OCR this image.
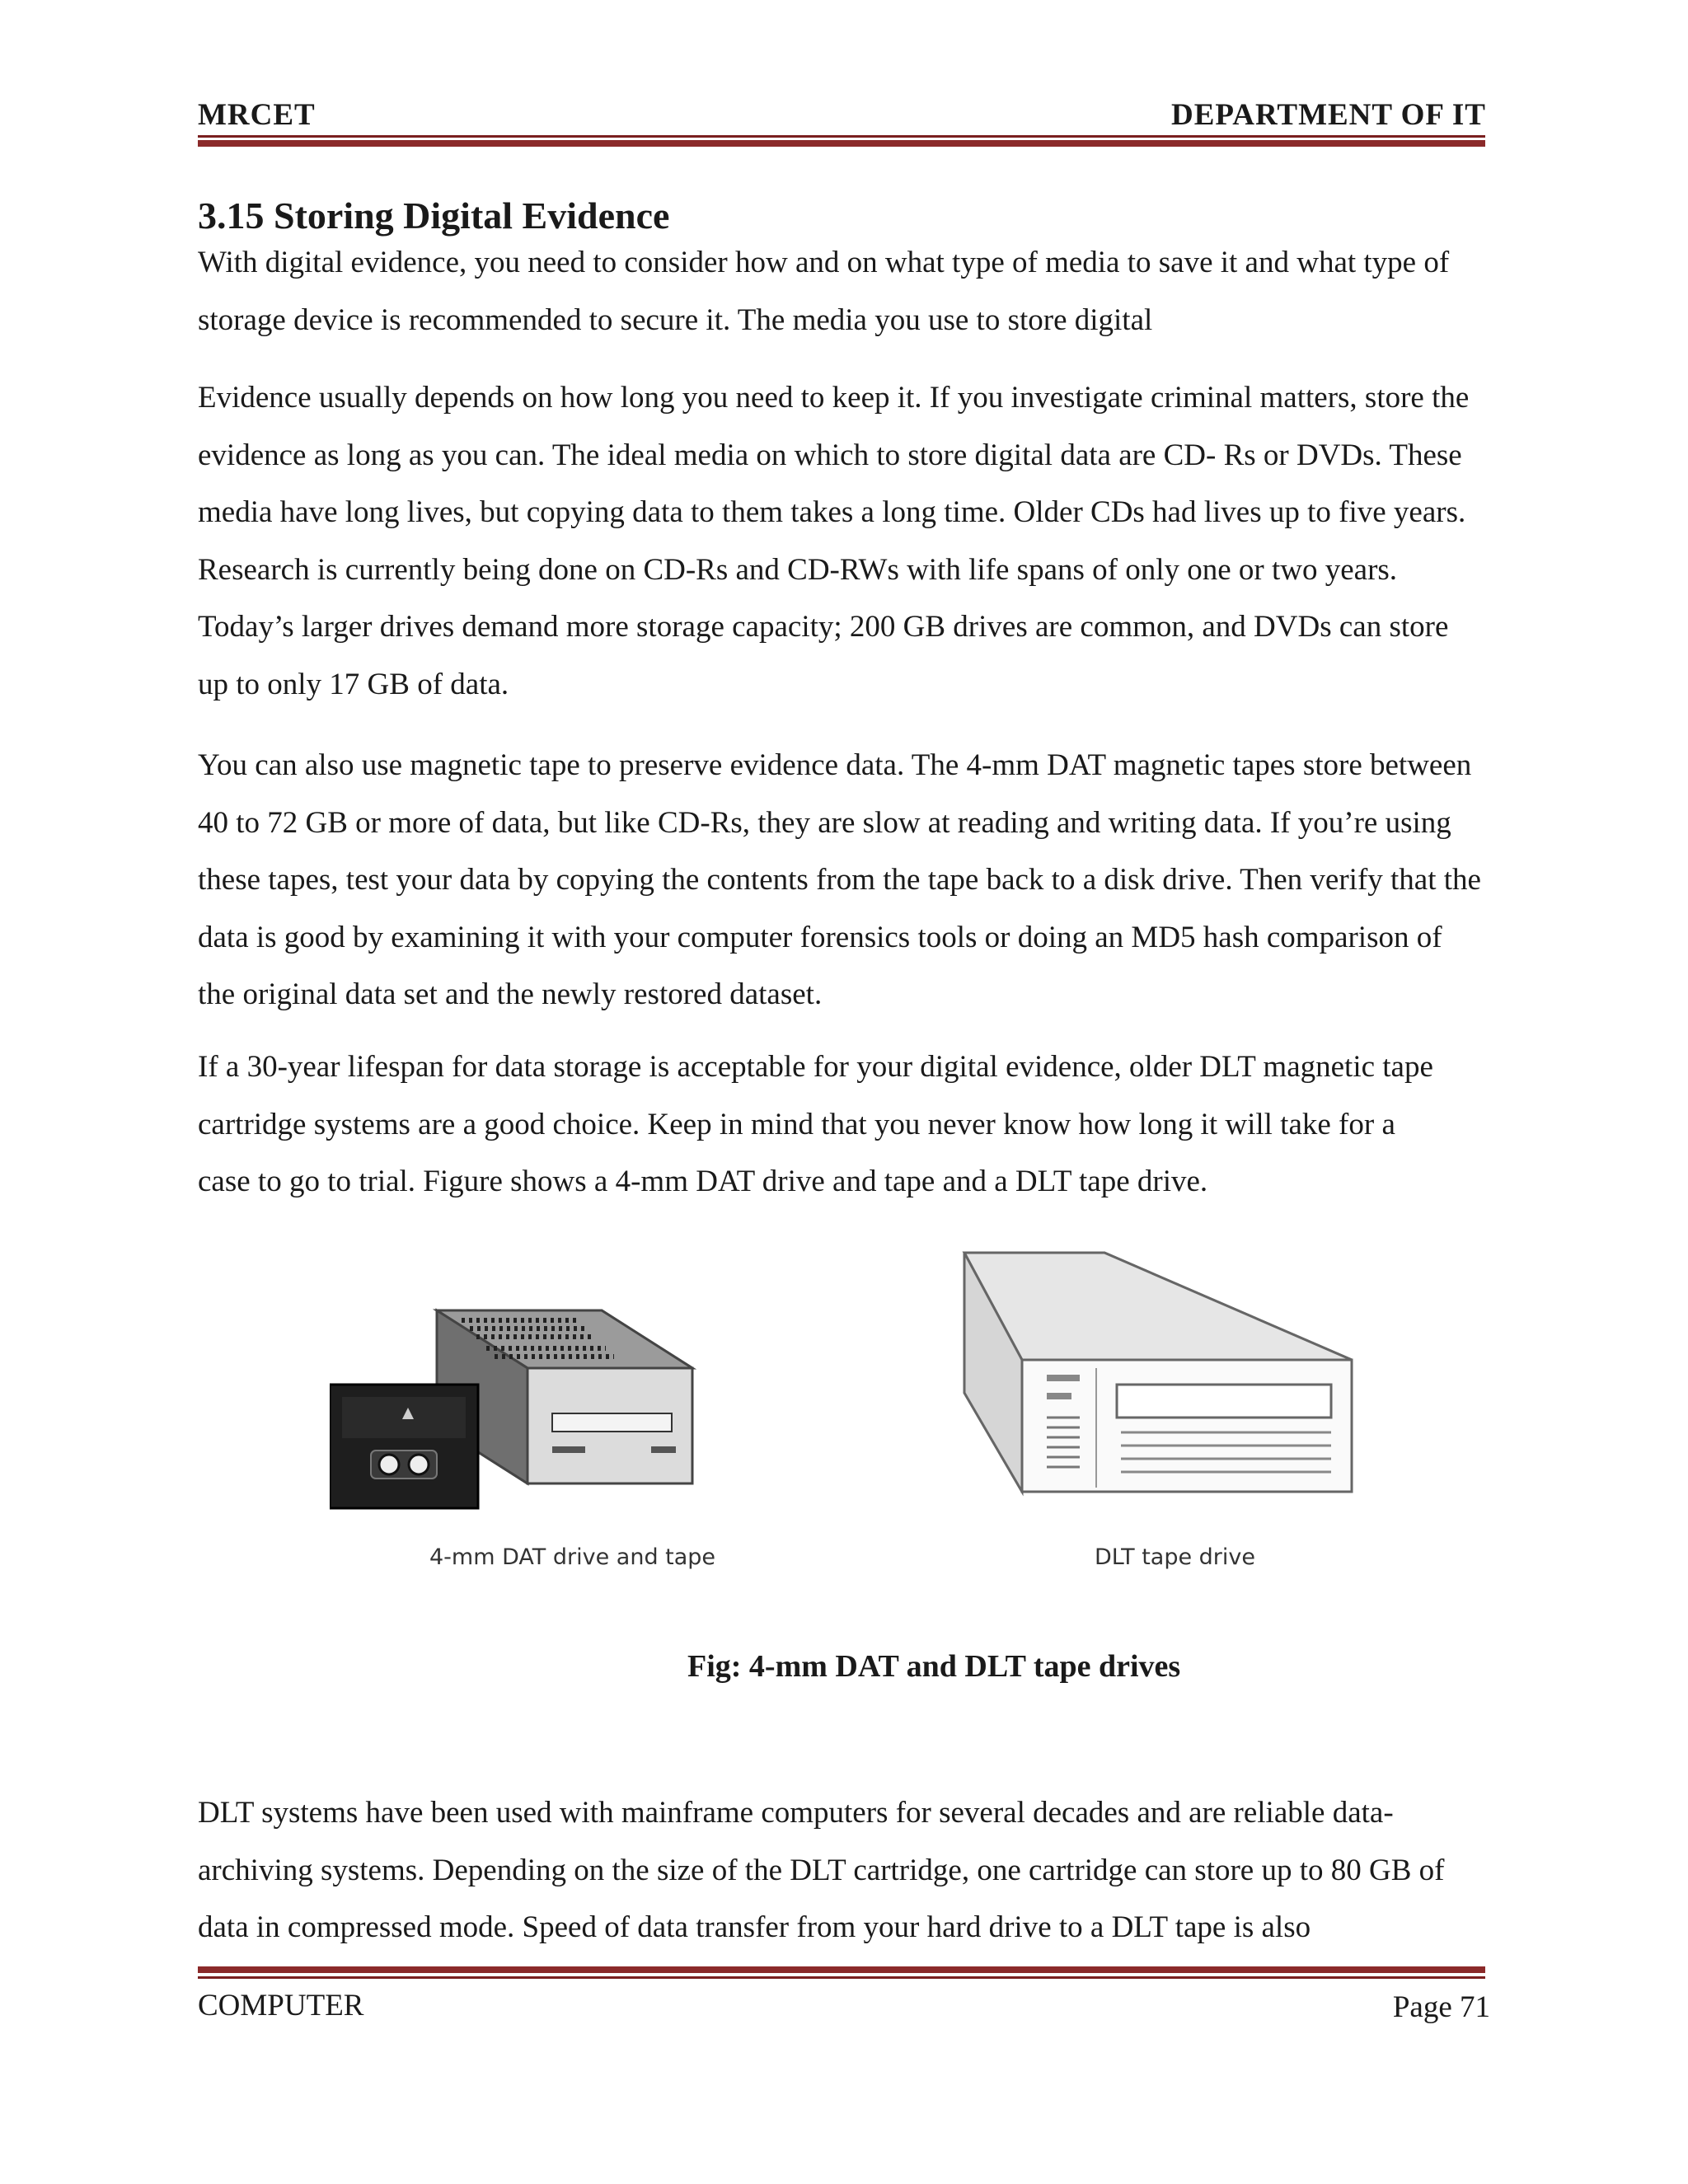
MRCET	DEPARTMENT OF IT
3.15 Storing Digital Evidence

With digital evidence, you need to consider how and on what type of media to save it and what type of storage device is recommended to secure it. The media you use to store digital

Evidence usually depends on how long you need to keep it. If you investigate criminal matters, store the evidence as long as you can. The ideal media on which to store digital data are CD- Rs or DVDs. These media have long lives, but copying data to them takes a long time. Older CDs had lives up to five years. Research is currently being done on CD-Rs and CD-RWs with life spans of only one or two years. Today’s larger drives demand more storage capacity; 200 GB drives are common, and DVDs can store up to only 17 GB of data.

You can also use magnetic tape to preserve evidence data. The 4-mm DAT magnetic tapes store between 40 to 72 GB or more of data, but like CD-Rs, they are slow at reading and writing data. If you’re using these tapes, test your data by copying the contents from the tape back to a disk drive. Then verify that the data is good by examining it with your computer forensics tools or doing an MD5 hash comparison of the original data set and the newly restored dataset.

If a 30-year lifespan for data storage is acceptable for your digital evidence, older DLT magnetic tape cartridge systems are a good choice. Keep in mind that you never know how long it will take for a case to go to trial. Figure shows a 4-mm DAT drive and tape and a DLT tape drive.

4-mm DAT drive and tape	DLT tape drive
Fig: 4-mm DAT and DLT tape drives

DLT systems have been used with mainframe computers for several decades and are reliable data-archiving systems. Depending on the size of the DLT cartridge, one cartridge can store up to 80 GB of data in compressed mode. Speed of data transfer from your hard drive to a DLT tape is also

COMPUTER	Page 71
